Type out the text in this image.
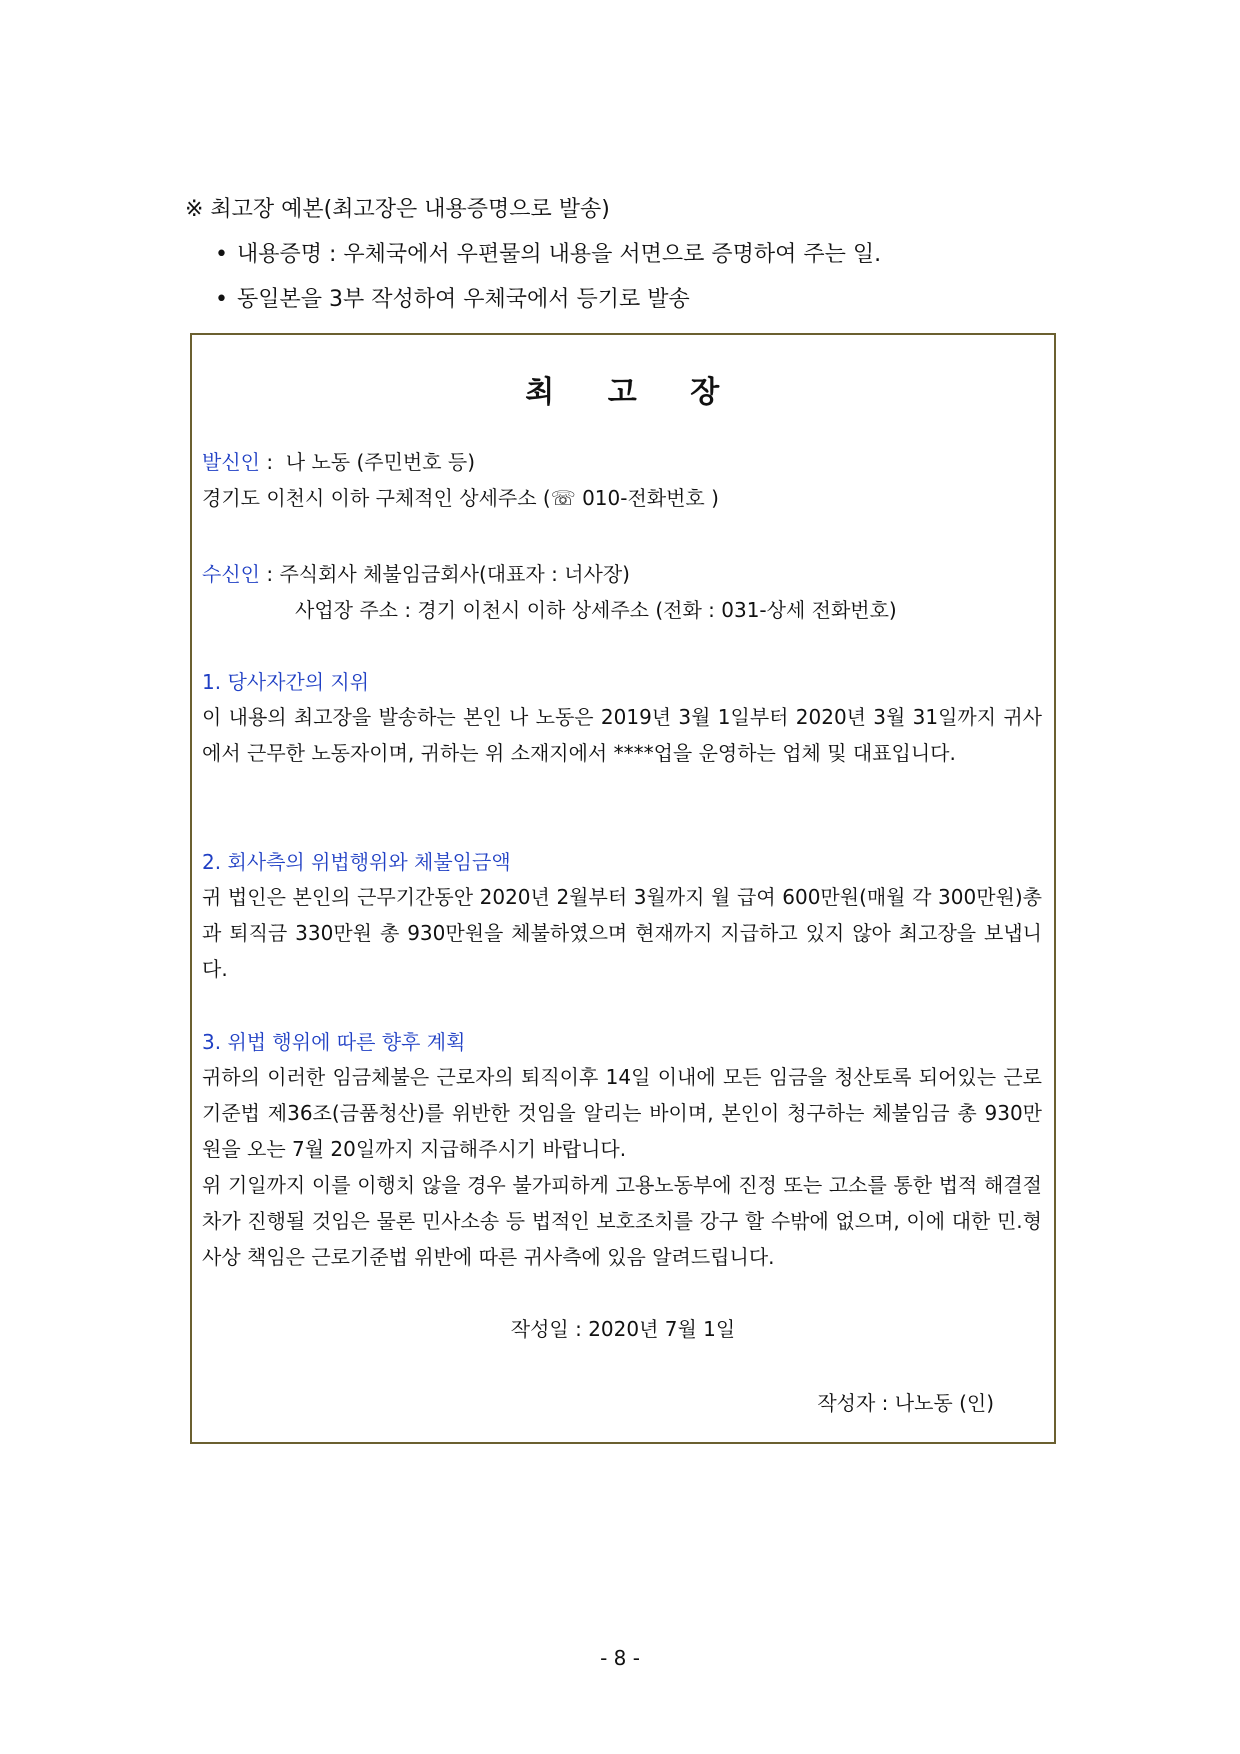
※ 최고장 예본(최고장은 내용증명으로 발송)
• 내용증명 : 우체국에서 우편물의 내용을 서면으로 증명하여 주는 일.
• 동일본을 3부 작성하여 우체국에서 등기로 발송
최 고 장
발신인 : 나 노동 (주민번호 등)
경기도 이천시 이하 구체적인 상세주소 (☏ 010-전화번호 )
수신인 : 주식회사 체불임금회사(대표자 : 너사장)
사업장 주소 : 경기 이천시 이하 상세주소 (전화 : 031-상세 전화번호)
1. 당사자간의 지위
이 내용의 최고장을 발송하는 본인 나 노동은 2019년 3월 1일부터 2020년 3월 31일까지 귀사에서 근무한 노동자이며, 귀하는 위 소재지에서 ****업을 운영하는 업체 및 대표입니다.
2. 회사측의 위법행위와 체불임금액
귀 법인은 본인의 근무기간동안 2020년 2월부터 3월까지 월 급여 600만원(매월 각 300만원)총과 퇴직금 330만원 총 930만원을 체불하였으며 현재까지 지급하고 있지 않아 최고장을 보냅니다.
3. 위법 행위에 따른 향후 계획
귀하의 이러한 임금체불은 근로자의 퇴직이후 14일 이내에 모든 임금을 청산토록 되어있는 근로기준법 제36조(금품청산)를 위반한 것임을 알리는 바이며, 본인이 청구하는 체불임금 총 930만원을 오는 7월 20일까지 지급해주시기 바랍니다.
위 기일까지 이를 이행치 않을 경우 불가피하게 고용노동부에 진정 또는 고소를 통한 법적 해결절차가 진행될 것임은 물론 민사소송 등 법적인 보호조치를 강구 할 수밖에 없으며, 이에 대한 민.형사상 책임은 근로기준법 위반에 따른 귀사측에 있음 알려드립니다.
작성일 : 2020년 7월 1일
작성자 : 나노동 (인)
- 8 -
